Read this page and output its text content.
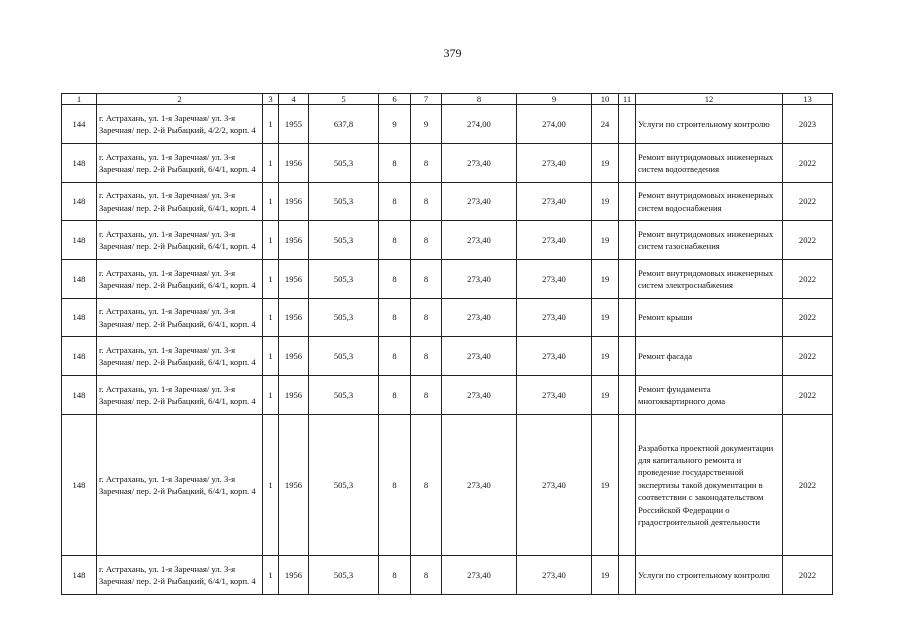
379
1	2	3	4	5	6	7	8	9	10	11	12	13
144	г. Астрахань, ул. 1-я Заречная/ ул. 3-я Заречная/ пер. 2-й Рыбацкий, 4/2/2, корп. 4	1	1955	637,8	9	9	274,00	274,00	24		Услуги по строительному контролю	2023
148	г. Астрахань, ул. 1-я Заречная/ ул. 3-я Заречная/ пер. 2-й Рыбацкий, 6/4/1, корп. 4	1	1956	505,3	8	8	273,40	273,40	19		Ремонт внутридомовых инженерных систем водоотведения	2022
148	г. Астрахань, ул. 1-я Заречная/ ул. 3-я Заречная/ пер. 2-й Рыбацкий, 6/4/1, корп. 4	1	1956	505,3	8	8	273,40	273,40	19		Ремонт внутридомовых инженерных систем водоснабжения	2022
148	г. Астрахань, ул. 1-я Заречная/ ул. 3-я Заречная/ пер. 2-й Рыбацкий, 6/4/1, корп. 4	1	1956	505,3	8	8	273,40	273,40	19		Ремонт внутридомовых инженерных систем газоснабжения	2022
148	г. Астрахань, ул. 1-я Заречная/ ул. 3-я Заречная/ пер. 2-й Рыбацкий, 6/4/1, корп. 4	1	1956	505,3	8	8	273,40	273,40	19		Ремонт внутридомовых инженерных систем электроснабжения	2022
148	г. Астрахань, ул. 1-я Заречная/ ул. 3-я Заречная/ пер. 2-й Рыбацкий, 6/4/1, корп. 4	1	1956	505,3	8	8	273,40	273,40	19		Ремонт крыши	2022
148	г. Астрахань, ул. 1-я Заречная/ ул. 3-я Заречная/ пер. 2-й Рыбацкий, 6/4/1, корп. 4	1	1956	505,3	8	8	273,40	273,40	19		Ремонт фасада	2022
148	г. Астрахань, ул. 1-я Заречная/ ул. 3-я Заречная/ пер. 2-й Рыбацкий, 6/4/1, корп. 4	1	1956	505,3	8	8	273,40	273,40	19		Ремонт фундамента многоквартирного дома	2022
148	г. Астрахань, ул. 1-я Заречная/ ул. 3-я Заречная/ пер. 2-й Рыбацкий, 6/4/1, корп. 4	1	1956	505,3	8	8	273,40	273,40	19		Разработка проектной документации для капитального ремонта и проведение государственной экспертизы такой документации в соответствии с законодательством Российской Федерации о градостроительной деятельности	2022
148	г. Астрахань, ул. 1-я Заречная/ ул. 3-я Заречная/ пер. 2-й Рыбацкий, 6/4/1, корп. 4	1	1956	505,3	8	8	273,40	273,40	19		Услуги по строительному контролю	2022
